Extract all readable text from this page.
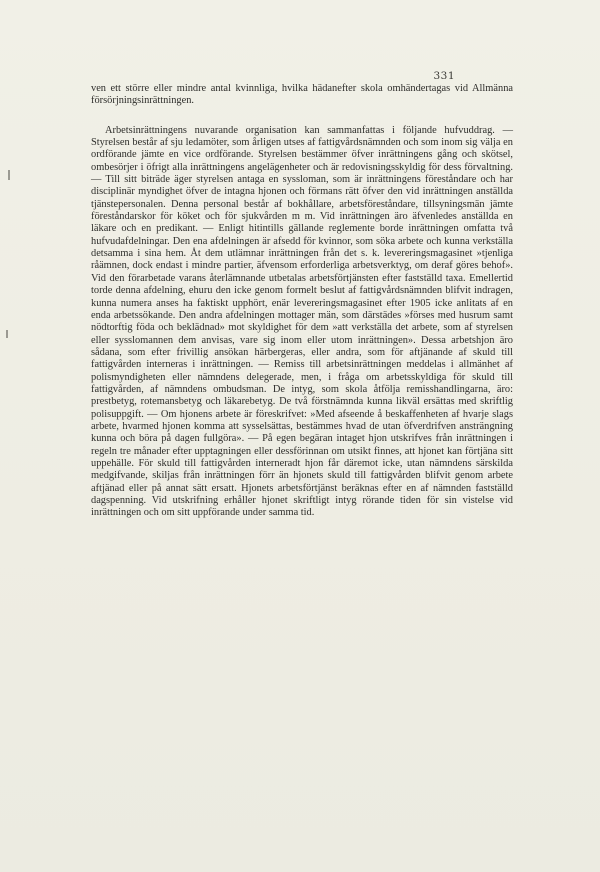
331

ven ett större eller mindre antal kvinnliga, hvilka hädanefter skola omhändertagas vid Allmänna försörjningsinrättningen.

Arbetsinrättningens nuvarande organisation kan sammanfattas i följande hufvuddrag. — Styrelsen består af sju ledamöter, som årligen utses af fattigvårdsnämnden och som inom sig välja en ordförande jämte en vice ordförande. Styrelsen bestämmer öfver inrättningens gång och skötsel, ombesörjer i öfrigt alla inrättningens angelägenheter och är redovisningsskyldig för dess förvaltning. — Till sitt biträde äger styrelsen antaga en syssloman, som är inrättningens föreståndare och har disciplinär myndighet öfver de intagna hjonen och förmans rätt öfver den vid inrättningen anställda tjänstepersonalen. Denna personal består af bokhållare, arbetsföreståndare, tillsyningsmän jämte föreståndarskor för köket och för sjukvården m m. Vid inrättningen äro äfvenledes anställda en läkare och en predikant. — Enligt hitintills gällande reglemente borde inrättningen omfatta två hufvudafdelningar. Den ena afdelningen är afsedd för kvinnor, som söka arbete och kunna verkställa detsamma i sina hem. Åt dem utlämnar inrättningen från det s. k. levereringsmagasinet »tjenliga råämnen, dock endast i mindre partier, äfvensom erforderliga arbetsverktyg, om deraf göres behof». Vid den förarbetade varans återlämnande utbetalas arbetsförtjänsten efter fastställd taxa. Emellertid torde denna afdelning, ehuru den icke genom formelt beslut af fattigvårdsnämnden blifvit indragen, kunna numera anses ha faktiskt upphört, enär levereringsmagasinet efter 1905 icke anlitats af en enda arbetssökande. Den andra afdelningen mottager män, som därstädes »förses med husrum samt nödtorftig föda och beklädnad» mot skyldighet för dem »att verkställa det arbete, som af styrelsen eller sysslomannen dem anvisas, vare sig inom eller utom inrättningen». Dessa arbetshjon äro sådana, som efter frivillig ansökan härbergeras, eller andra, som för aftjänande af skuld till fattigvården interneras i inrättningen. — Remiss till arbetsinrättningen meddelas i allmänhet af polismyndigheten eller nämndens delegerade, men, i fråga om arbetsskyldiga för skuld till fattigvården, af nämndens ombudsman. De intyg, som skola åtfölja remisshandlingarna, äro: prestbetyg, rotemansbetyg och läkarebetyg. De två förstnämnda kunna likväl ersättas med skriftlig polisuppgift. — Om hjonens arbete är föreskrifvet: »Med afseende å beskaffenheten af hvarje slags arbete, hvarmed hjonen komma att sysselsättas, bestämmes hvad de utan öfverdrifven ansträngning kunna och böra på dagen fullgöra». — På egen begäran intaget hjon utskrifves från inrättningen i regeln tre månader efter upptagningen eller dessförinnan om utsikt finnes, att hjonet kan förtjäna sitt uppehälle. För skuld till fattigvården interneradt hjon får däremot icke, utan nämndens särskilda medgifvande, skiljas från inrättningen förr än hjonets skuld till fattigvården blifvit genom arbete aftjänad eller på annat sätt ersatt. Hjonets arbetsförtjänst beräknas efter en af nämnden fastställd dagspenning. Vid utskrifning erhåller hjonet skriftligt intyg rörande tiden för sin vistelse vid inrättningen och om sitt uppförande under samma tid.
